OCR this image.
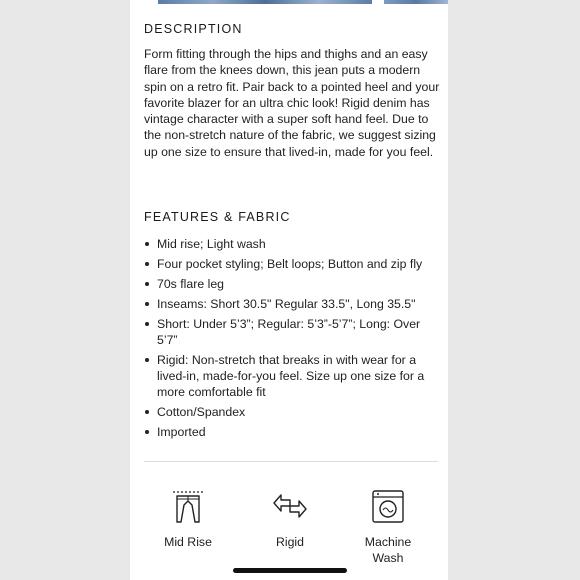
DESCRIPTION

Form fitting through the hips and thighs and an easy flare from the knees down, this jean puts a modern spin on a retro fit. Pair back to a pointed heel and your favorite blazer for an ultra chic look! Rigid denim has vintage character with a super soft hand feel. Due to the non-stretch nature of the fabric, we suggest sizing up one size to ensure that lived-in, made for you feel.

FEATURES & FABRIC
Mid rise; Light wash
Four pocket styling; Belt loops; Button and zip fly
70s flare leg
Inseams: Short 30.5" Regular 33.5", Long 35.5"
Short: Under 5’3”; Regular: 5’3”-5’7”; Long: Over 5’7”
Rigid: Non-stretch that breaks in with wear for a lived-in, made-for-you feel. Size up one size for a more comfortable fit
Cotton/Spandex
Imported
Mid Rise	Rigid	Machine Wash
